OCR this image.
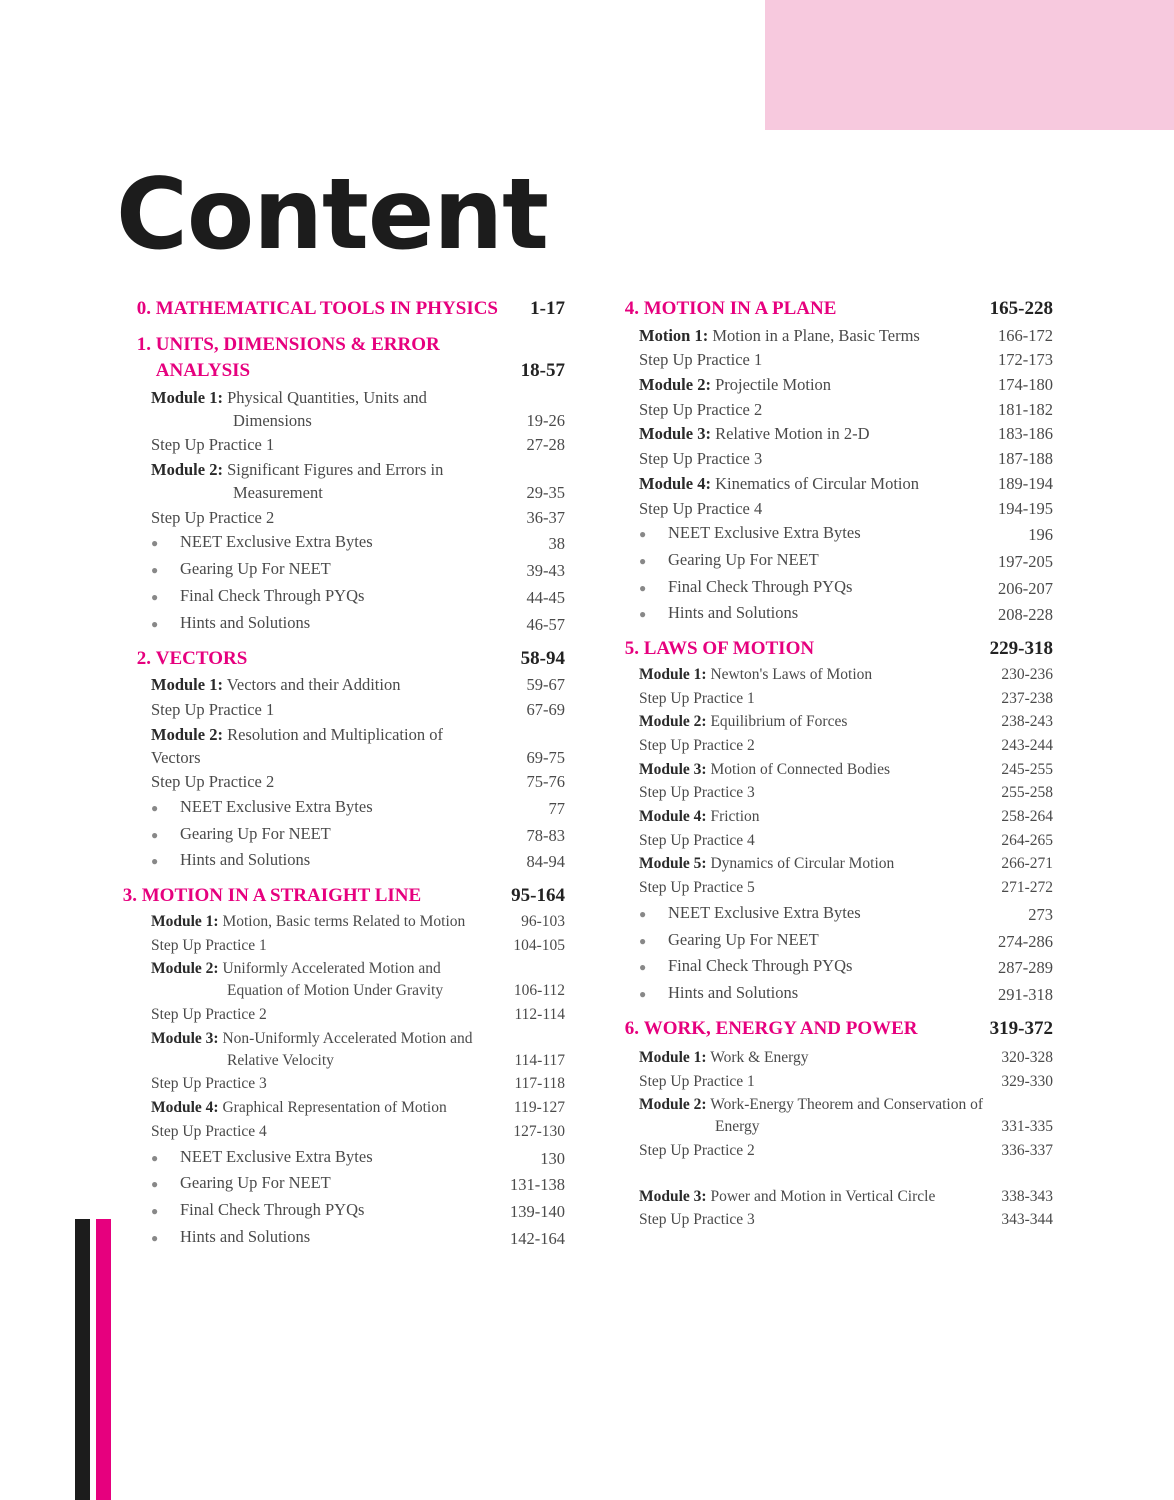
Content
0.
MATHEMATICAL TOOLS IN PHYSICS	1-17
1.
UNITS, DIMENSIONS & ERROR
ANALYSIS	18-57
Module 1: Physical Quantities, Units and
Dimensions	19-26
Step Up Practice 1	27-28
Module 2: Significant Figures and Errors in
Measurement	29-35
Step Up Practice 2	36-37
● NEET Exclusive Extra Bytes	38
● Gearing Up For NEET	39-43
● Final Check Through PYQs	44-45
● Hints and Solutions	46-57
2.
VECTORS	58-94
Module 1: Vectors and their Addition	59-67
Step Up Practice 1	67-69
Module 2: Resolution and Multiplication of
Vectors	69-75
Step Up Practice 2	75-76
● NEET Exclusive Extra Bytes	77
● Gearing Up For NEET	78-83
● Hints and Solutions	84-94
3.
MOTION IN A STRAIGHT LINE	95-164
Module 1: Motion, Basic terms Related to Motion	96-103
Step Up Practice 1	104-105
Module 2: Uniformly Accelerated Motion and
Equation of Motion Under Gravity	106-112
Step Up Practice 2	112-114
Module 3: Non-Uniformly Accelerated Motion and
Relative Velocity	114-117
Step Up Practice 3	117-118
Module 4: Graphical Representation of Motion	119-127
Step Up Practice 4	127-130
● NEET Exclusive Extra Bytes	130
● Gearing Up For NEET	131-138
● Final Check Through PYQs	139-140
● Hints and Solutions	142-164
4.
MOTION IN A PLANE	165-228
Motion 1: Motion in a Plane, Basic Terms	166-172
Step Up Practice 1	172-173
Module 2: Projectile Motion	174-180
Step Up Practice 2	181-182
Module 3: Relative Motion in 2-D	183-186
Step Up Practice 3	187-188
Module 4: Kinematics of Circular Motion	189-194
Step Up Practice 4	194-195
● NEET Exclusive Extra Bytes	196
● Gearing Up For NEET	197-205
● Final Check Through PYQs	206-207
● Hints and Solutions	208-228
5.
LAWS OF MOTION	229-318
Module 1: Newton's Laws of Motion	230-236
Step Up Practice 1	237-238
Module 2: Equilibrium of Forces	238-243
Step Up Practice 2	243-244
Module 3: Motion of Connected Bodies	245-255
Step Up Practice 3	255-258
Module 4: Friction	258-264
Step Up Practice 4	264-265
Module 5: Dynamics of Circular Motion	266-271
Step Up Practice 5	271-272
● NEET Exclusive Extra Bytes	273
● Gearing Up For NEET	274-286
● Final Check Through PYQs	287-289
● Hints and Solutions	291-318
6.
WORK, ENERGY AND POWER	319-372
Module 1: Work & Energy	320-328
Step Up Practice 1	329-330
Module 2: Work-Energy Theorem and Conservation of
Energy	331-335
Step Up Practice 2	336-337
Module 3: Power and Motion in Vertical Circle	338-343
Step Up Practice 3	343-344
